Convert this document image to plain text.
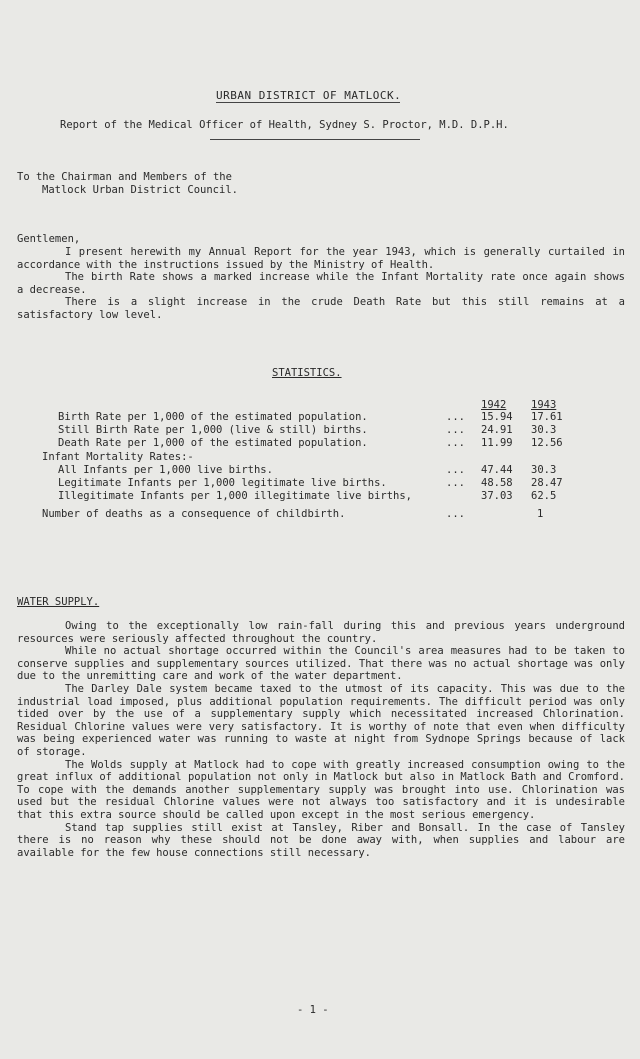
URBAN DISTRICT OF MATLOCK.
Report of the Medical Officer of Health, Sydney S. Proctor, M.D. D.P.H.
To the Chairman and Members of the
Matlock Urban District Council.
Gentlemen,

I present herewith my Annual Report for the year 1943, which is generally curtailed in accordance with the instructions issued by the Ministry of Health.

The birth Rate shows a marked increase while the Infant Mortality rate once again shows a decrease.

There is a slight increase in the crude Death Rate but this still remains at a satisfactory low level.

STATISTICS.
1942	1943
Birth Rate per 1,000 of the estimated population.	... 15.94	17.61
Still Birth Rate per 1,000 (live & still) births.	... 24.91	30.3
Death Rate per 1,000 of the estimated population.	... 11.99	12.56
Infant Mortality Rates:-
All Infants per 1,000 live births.	... 47.44	30.3
Legitimate Infants per 1,000 legitimate live births.	... 48.58	28.47
Illegitimate Infants per 1,000 illegitimate live births,	37.03	62.5
Number of deaths as a consequence of childbirth.	...	1
WATER SUPPLY.

Owing to the exceptionally low rain-fall during this and previous years underground resources were seriously affected throughout the country.

While no actual shortage occurred within the Council's area measures had to be taken to conserve supplies and supplementary sources utilized. That there was no actual shortage was only due to the unremitting care and work of the water department.

The Darley Dale system became taxed to the utmost of its capacity. This was due to the industrial load imposed, plus additional population requirements. The difficult period was only tided over by the use of a supplementary supply which necessitated increased Chlorination. Residual Chlorine values were very satisfactory. It is worthy of note that even when difficulty was being experienced water was running to waste at night from Sydnope Springs because of lack of storage.

The Wolds supply at Matlock had to cope with greatly increased consumption owing to the great influx of additional population not only in Matlock but also in Matlock Bath and Cromford. To cope with the demands another supplementary supply was brought into use. Chlorination was used but the residual Chlorine values were not always too satisfactory and it is undesirable that this extra source should be called upon except in the most serious emergency.

Stand tap supplies still exist at Tansley, Riber and Bonsall. In the case of Tansley there is no reason why these should not be done away with, when supplies and labour are available for the few house connections still necessary.

- 1 -
